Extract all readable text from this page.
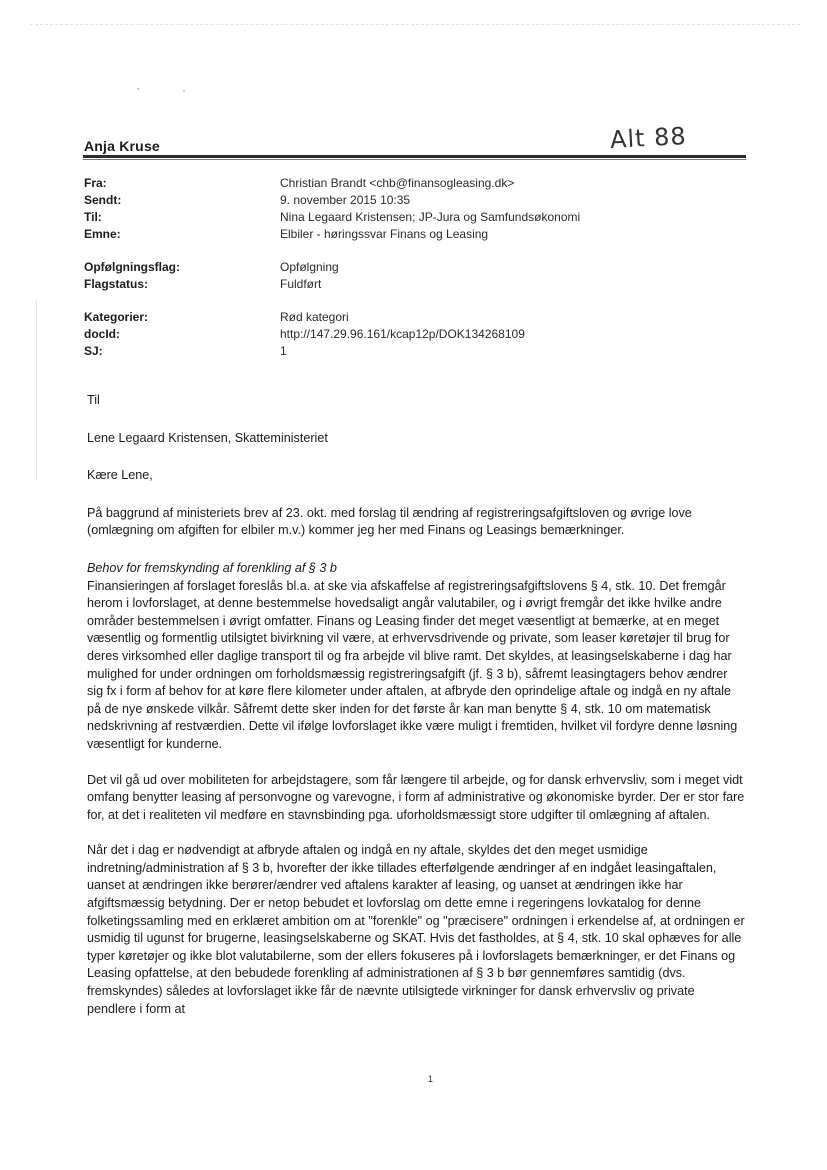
Anja Kruse	Alt 88
Fra:	Christian Brandt <chb@finansogleasing.dk>
Sendt:	9. november 2015 10:35
Til:	Nina Legaard Kristensen; JP-Jura og Samfundsøkonomi
Emne:	Elbiler - høringssvar Finans og Leasing
Opfølgningsflag:	Opfølgning
Flagstatus:	Fuldført
Kategorier:	Rød kategori
docId:	http://147.29.96.161/kcap12p/DOK134268109
SJ:	1

Til

Lene Legaard Kristensen, Skatteministeriet

Kære Lene,

På baggrund af ministeriets brev af 23. okt. med forslag til ændring af registreringsafgiftsloven og øvrige love (omlægning om afgiften for elbiler m.v.) kommer jeg her med Finans og Leasings bemærkninger.

Behov for fremskynding af forenkling af § 3 b

Finansieringen af forslaget foreslås bl.a. at ske via afskaffelse af registreringsafgiftslovens § 4, stk. 10. Det fremgår herom i lovforslaget, at denne bestemmelse hovedsaligt angår valutabiler, og i øvrigt fremgår det ikke hvilke andre områder bestemmelsen i øvrigt omfatter. Finans og Leasing finder det meget væsentligt at bemærke, at en meget væsentlig og formentlig utilsigtet bivirkning vil være, at erhvervsdrivende og private, som leaser køretøjer til brug for deres virksomhed eller daglige transport til og fra arbejde vil blive ramt. Det skyldes, at leasingselskaberne i dag har mulighed for under ordningen om forholdsmæssig registreringsafgift (jf. § 3 b), såfremt leasingtagers behov ændrer sig fx i form af behov for at køre flere kilometer under aftalen, at afbryde den oprindelige aftale og indgå en ny aftale på de nye ønskede vilkår. Såfremt dette sker inden for det første år kan man benytte § 4, stk. 10 om matematisk nedskrivning af restværdien. Dette vil ifølge lovforslaget ikke være muligt i fremtiden, hvilket vil fordyre denne løsning væsentligt for kunderne.

Det vil gå ud over mobiliteten for arbejdstagere, som får længere til arbejde, og for dansk erhvervsliv, som i meget vidt omfang benytter leasing af personvogne og varevogne, i form af administrative og økonomiske byrder. Der er stor fare for, at det i realiteten vil medføre en stavnsbinding pga. uforholdsmæssigt store udgifter til omlægning af aftalen.

Når det i dag er nødvendigt at afbryde aftalen og indgå en ny aftale, skyldes det den meget usmidige indretning/administration af § 3 b, hvorefter der ikke tillades efterfølgende ændringer af en indgået leasingaftalen, uanset at ændringen ikke berører/ændrer ved aftalens karakter af leasing, og uanset at ændringen ikke har afgiftsmæssig betydning. Der er netop bebudet et lovforslag om dette emne i regeringens lovkatalog for denne folketingssamling med en erklæret ambition om at "forenkle" og "præcisere" ordningen i erkendelse af, at ordningen er usmidig til ugunst for brugerne, leasingselskaberne og SKAT. Hvis det fastholdes, at § 4, stk. 10 skal ophæves for alle typer køretøjer og ikke blot valutabilerne, som der ellers fokuseres på i lovforslagets bemærkninger, er det Finans og Leasing opfattelse, at den bebudede forenkling af administrationen af § 3 b bør gennemføres samtidig (dvs. fremskyndes) således at lovforslaget ikke får de nævnte utilsigtede virkninger for dansk erhvervsliv og private pendlere i form at

1
